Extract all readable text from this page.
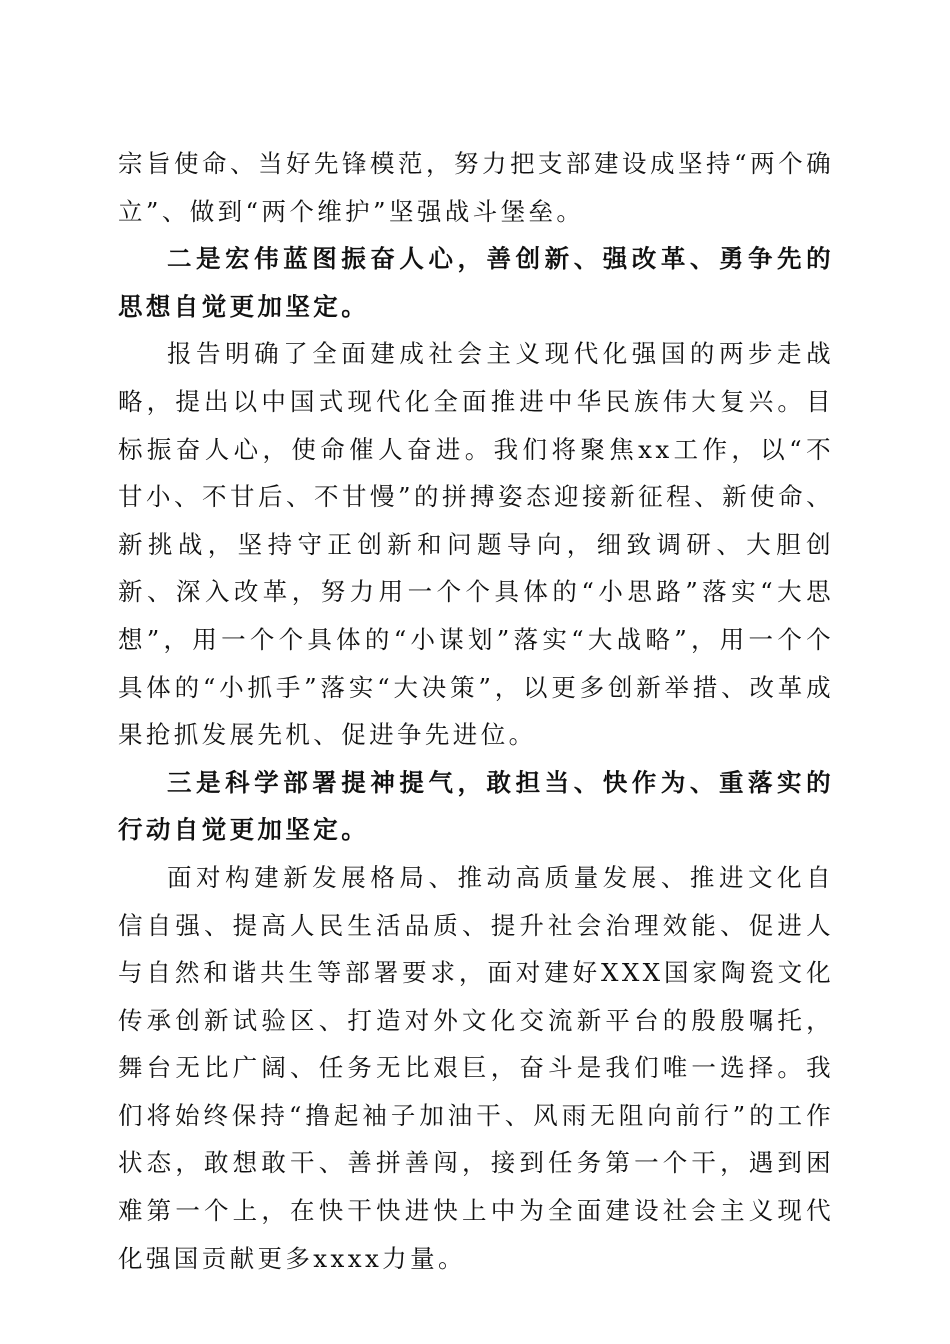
宗旨使命、当好先锋模范，努力把支部建设成坚持“两个确立”、做到“两个维护”坚强战斗堡垒。

二是宏伟蓝图振奋人心，善创新、强改革、勇争先的思想自觉更加坚定。

报告明确了全面建成社会主义现代化强国的两步走战略，提出以中国式现代化全面推进中华民族伟大复兴。目标振奋人心，使命催人奋进。我们将聚焦xx工作，以“不甘小、不甘后、不甘慢”的拼搏姿态迎接新征程、新使命、新挑战，坚持守正创新和问题导向，细致调研、大胆创新、深入改革，努力用一个个具体的“小思路”落实“大思想”，用一个个具体的“小谋划”落实“大战略”，用一个个具体的“小抓手”落实“大决策”，以更多创新举措、改革成果抢抓发展先机、促进争先进位。

三是科学部署提神提气，敢担当、快作为、重落实的行动自觉更加坚定。

面对构建新发展格局、推动高质量发展、推进文化自信自强、提高人民生活品质、提升社会治理效能、促进人与自然和谐共生等部署要求，面对建好XXX国家陶瓷文化传承创新试验区、打造对外文化交流新平台的殷殷嘱托，舞台无比广阔、任务无比艰巨，奋斗是我们唯一选择。我们将始终保持“撸起袖子加油干、风雨无阻向前行”的工作状态，敢想敢干、善拼善闯，接到任务第一个干，遇到困难第一个上，在快干快进快上中为全面建设社会主义现代化强国贡献更多xxxx力量。
